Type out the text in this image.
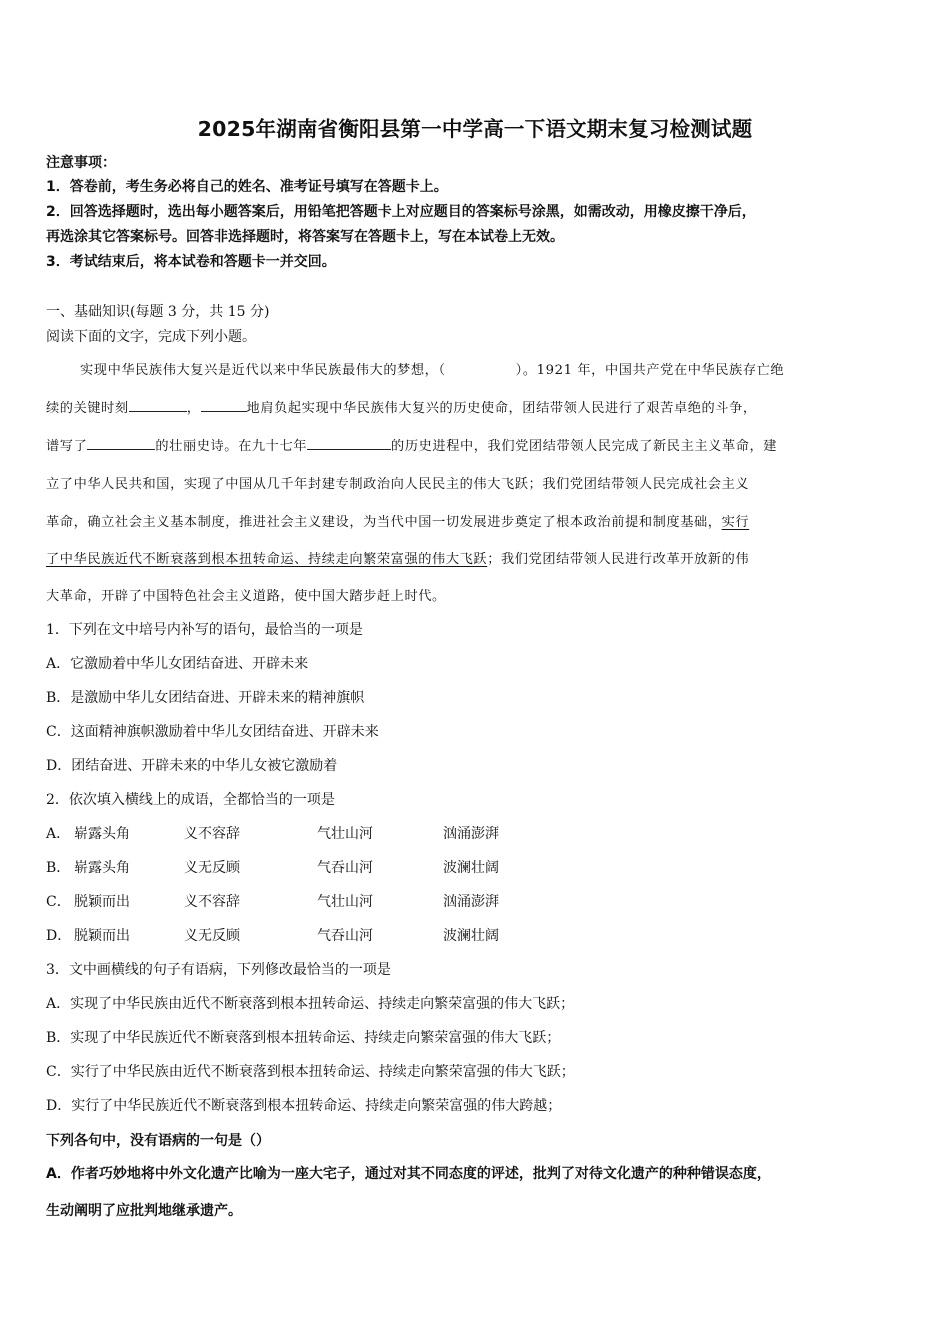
2025年湖南省衡阳县第一中学高一下语文期末复习检测试题
注意事项：
1．答卷前，考生务必将自己的姓名、准考证号填写在答题卡上。
2．回答选择题时，选出每小题答案后，用铅笔把答题卡上对应题目的答案标号涂黑，如需改动，用橡皮擦干净后，
再选涂其它答案标号。回答非选择题时，将答案写在答题卡上，写在本试卷上无效。
3．考试结束后，将本试卷和答题卡一并交回。
一、基础知识(每题 3 分，共 15 分)
阅读下面的文字，完成下列小题。
实现中华民族伟大复兴是近代以来中华民族最伟大的梦想，（	）。1921 年，中国共产党在中华民族存亡绝
续的关键时刻	，	地肩负起实现中华民族伟大复兴的历史使命，团结带领人民进行了艰苦卓绝的斗争，
谱写了	的壮丽史诗。在九十七年	的历史进程中，我们党团结带领人民完成了新民主主义革命，建
立了中华人民共和国，实现了中国从几千年封建专制政治向人民民主的伟大飞跃；我们党团结带领人民完成社会主义
革命，确立社会主义基本制度，推进社会主义建设，为当代中国一切发展进步奠定了根本政治前提和制度基础，实行
了中华民族近代不断衰落到根本扭转命运、持续走向繁荣富强的伟大飞跃；我们党团结带领人民进行改革开放新的伟
大革命，开辟了中国特色社会主义道路，使中国大踏步赶上时代。
1．下列在文中培号内补写的语句，最恰当的一项是
A．它激励着中华儿女团结奋进、开辟未来
B．是激励中华儿女团结奋进、开辟未来的精神旗帜
C．这面精神旗帜激励着中华儿女团结奋进、开辟未来
D．团结奋进、开辟未来的中华儿女被它激励着
2．依次填入横线上的成语，全都恰当的一项是
A． 崭露头角	义不容辞	气壮山河	汹涌澎湃
B． 崭露头角	义无反顾	气吞山河	波澜壮阔
C． 脱颖而出	义不容辞	气壮山河	汹涌澎湃
D． 脱颖而出	义无反顾	气吞山河	波澜壮阔
3．文中画横线的句子有语病，下列修改最恰当的一项是
A．实现了中华民族由近代不断衰落到根本扭转命运、持续走向繁荣富强的伟大飞跃；
B．实现了中华民族近代不断衰落到根本扭转命运、持续走向繁荣富强的伟大飞跃；
C．实行了中华民族由近代不断衰落到根本扭转命运、持续走向繁荣富强的伟大飞跃；
D．实行了中华民族近代不断衰落到根本扭转命运、持续走向繁荣富强的伟大跨越；
下列各句中，没有语病的一句是（）
A．作者巧妙地将中外文化遗产比喻为一座大宅子，通过对其不同态度的评述，批判了对待文化遗产的种种错误态度，
生动阐明了应批判地继承遗产。
